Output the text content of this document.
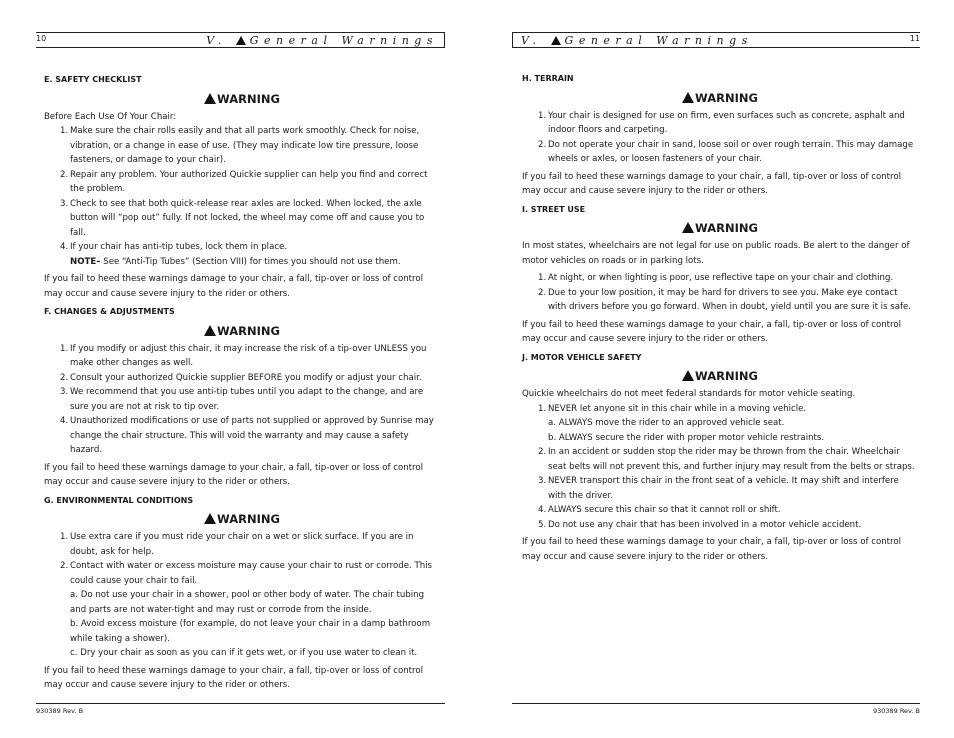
10	V. General Warnings
E. SAFETY CHECKLIST
WARNING

Before Each Use Of Your Chair:

1. Make sure the chair rolls easily and that all parts work smoothly. Check for noise, vibration, or a change in ease of use. (They may indicate low tire pressure, loose fasteners, or damage to your chair).
2. Repair any problem. Your authorized Quickie supplier can help you find and correct the problem.
3. Check to see that both quick-release rear axles are locked. When locked, the axle button will “pop out” fully. If not locked, the wheel may come off and cause you to fall.
4. If your chair has anti-tip tubes, lock them in place.
NOTE– See “Anti-Tip Tubes” (Section VIII) for times you should not use them.

If you fail to heed these warnings damage to your chair, a fall, tip-over or loss of control may occur and cause severe injury to the rider or others.

F. CHANGES & ADJUSTMENTS
WARNING
1. If you modify or adjust this chair, it may increase the risk of a tip-over UNLESS you make other changes as well.
2. Consult your authorized Quickie supplier BEFORE you modify or adjust your chair.
3. We recommend that you use anti-tip tubes until you adapt to the change, and are sure you are not at risk to tip over.
4. Unauthorized modifications or use of parts not supplied or approved by Sunrise may change the chair structure. This will void the warranty and may cause a safety hazard.

If you fail to heed these warnings damage to your chair, a fall, tip-over or loss of control may occur and cause severe injury to the rider or others.

G. ENVIRONMENTAL CONDITIONS
WARNING
1. Use extra care if you must ride your chair on a wet or slick surface. If you are in doubt, ask for help.
2. Contact with water or excess moisture may cause your chair to rust or corrode. This could cause your chair to fail.
a. Do not use your chair in a shower, pool or other body of water. The chair tubing and parts are not water-tight and may rust or corrode from the inside.
b. Avoid excess moisture (for example, do not leave your chair in a damp bathroom while taking a shower).
c. Dry your chair as soon as you can if it gets wet, or if you use water to clean it.

If you fail to heed these warnings damage to your chair, a fall, tip-over or loss of control may occur and cause severe injury to the rider or others.

930389 Rev. B
11
V. General Warnings
H. TERRAIN
WARNING
1. Your chair is designed for use on firm, even surfaces such as concrete, asphalt and indoor floors and carpeting.
2. Do not operate your chair in sand, loose soil or over rough terrain. This may damage wheels or axles, or loosen fasteners of your chair.

If you fail to heed these warnings damage to your chair, a fall, tip-over or loss of control may occur and cause severe injury to the rider or others.

I. STREET USE
WARNING

In most states, wheelchairs are not legal for use on public roads. Be alert to the danger of motor vehicles on roads or in parking lots.

1. At night, or when lighting is poor, use reflective tape on your chair and clothing.
2. Due to your low position, it may be hard for drivers to see you. Make eye contact with drivers before you go forward. When in doubt, yield until you are sure it is safe.

If you fail to heed these warnings damage to your chair, a fall, tip-over or loss of control may occur and cause severe injury to the rider or others.

J. MOTOR VEHICLE SAFETY
WARNING

Quickie wheelchairs do not meet federal standards for motor vehicle seating.

1. NEVER let anyone sit in this chair while in a moving vehicle.
a. ALWAYS move the rider to an approved vehicle seat.
b. ALWAYS secure the rider with proper motor vehicle restraints.
2. In an accident or sudden stop the rider may be thrown from the chair. Wheelchair seat belts will not prevent this, and further injury may result from the belts or straps.
3. NEVER transport this chair in the front seat of a vehicle. It may shift and interfere with the driver.
4. ALWAYS secure this chair so that it cannot roll or shift.
5. Do not use any chair that has been involved in a motor vehicle accident.

If you fail to heed these warnings damage to your chair, a fall, tip-over or loss of control may occur and cause severe injury to the rider or others.

930389 Rev. B
